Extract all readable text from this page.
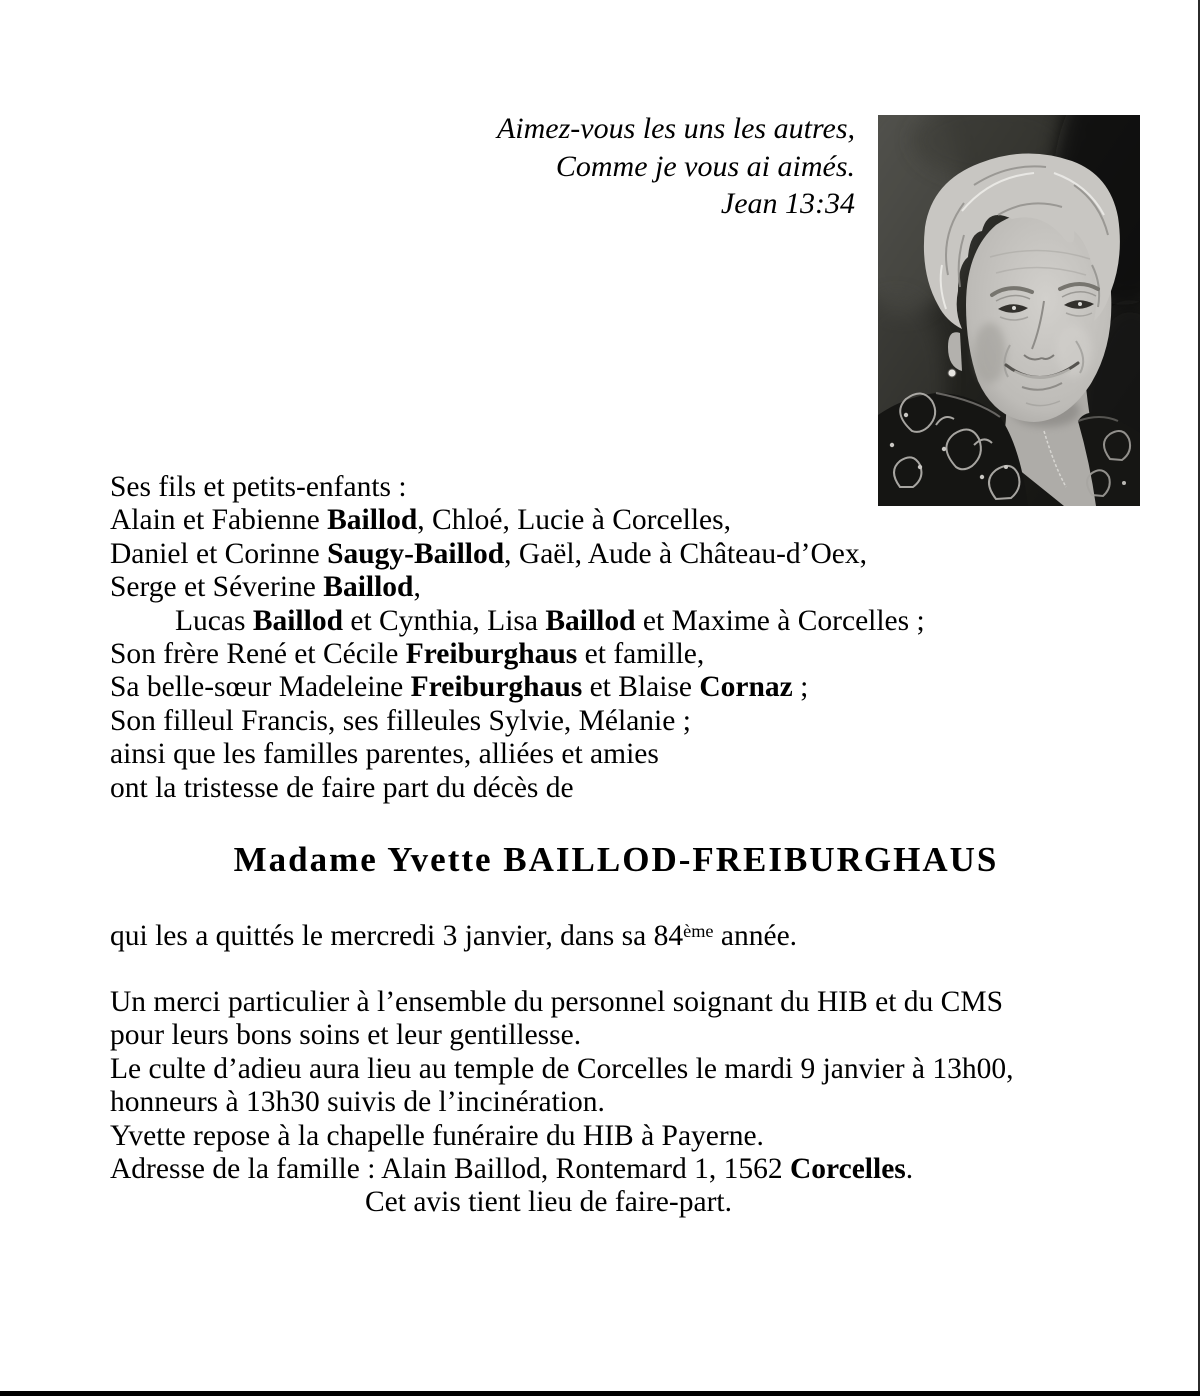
Aimez-vous les uns les autres,
Comme je vous ai aimés.
Jean 13:34

Ses fils et petits-enfants :

Alain et Fabienne Baillod, Chloé, Lucie à Corcelles,

Daniel et Corinne Saugy-Baillod, Gaël, Aude à Château-d’Oex,

Serge et Séverine Baillod,

Lucas Baillod et Cynthia, Lisa Baillod et Maxime à Corcelles ;

Son frère René et Cécile Freiburghaus et famille,

Sa belle-sœur Madeleine Freiburghaus et Blaise Cornaz ;

Son filleul Francis, ses filleules Sylvie, Mélanie ;

ainsi que les familles parentes, alliées et amies

ont la tristesse de faire part du décès de

Madame Yvette BAILLOD-FREIBURGHAUS

qui les a quittés le mercredi 3 janvier, dans sa 84ème année.

Un merci particulier à l’ensemble du personnel soignant du HIB et du CMS

pour leurs bons soins et leur gentillesse.

Le culte d’adieu aura lieu au temple de Corcelles le mardi 9 janvier à 13h00,

honneurs à 13h30 suivis de l’incinération.

Yvette repose à la chapelle funéraire du HIB à Payerne.

Adresse de la famille : Alain Baillod, Rontemard 1, 1562 Corcelles.

Cet avis tient lieu de faire-part.
